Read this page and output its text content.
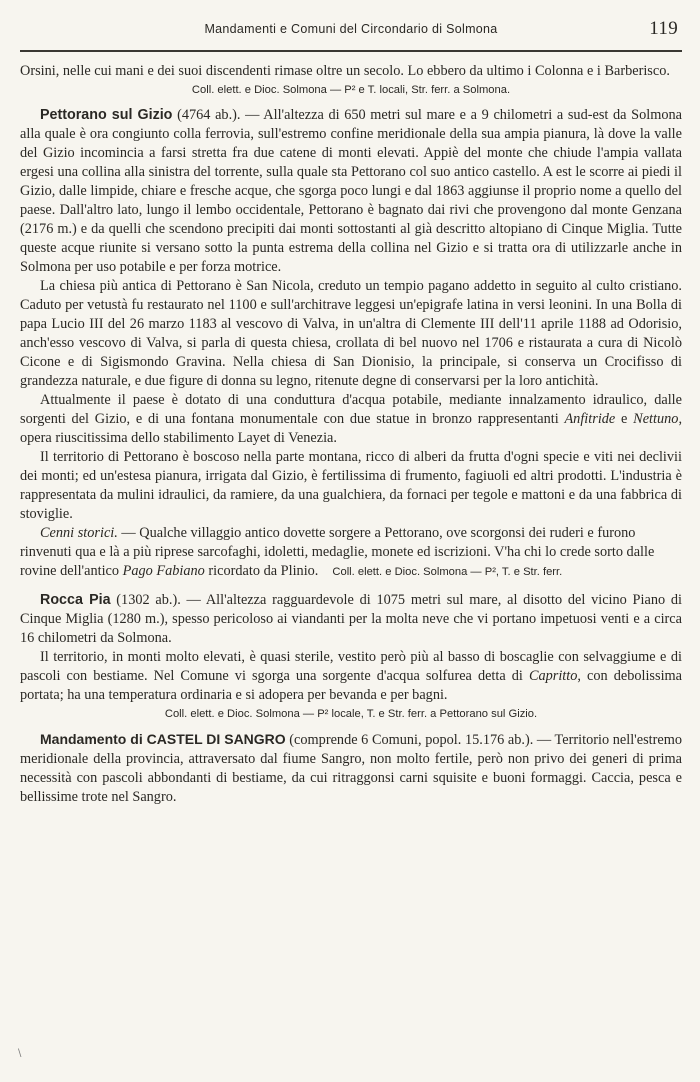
Mandamenti e Comuni del Circondario di Solmona	119

Orsini, nelle cui mani e dei suoi discendenti rimase oltre un secolo. Lo ebbero da ultimo i Colonna e i Barberisco.

Coll. elett. e Dioc. Solmona — P² e T. locali, Str. ferr. a Solmona.

Pettorano sul Gizio (4764 ab.). — All'altezza di 650 metri sul mare e a 9 chilometri a sud-est da Solmona alla quale è ora congiunto colla ferrovia, sull'estremo confine meridionale della sua ampia pianura, là dove la valle del Gizio incomincia a farsi stretta fra due catene di monti elevati. Appiè del monte che chiude l'ampia vallata ergesi una collina alla sinistra del torrente, sulla quale sta Pettorano col suo antico castello. A est le scorre ai piedi il Gizio, dalle limpide, chiare e fresche acque, che sgorga poco lungi e dal 1863 aggiunse il proprio nome a quello del paese. Dall'altro lato, lungo il lembo occidentale, Pettorano è bagnato dai rivi che provengono dal monte Genzana (2176 m.) e da quelli che scendono precipiti dai monti sottostanti al già descritto altopiano di Cinque Miglia. Tutte queste acque riunite si versano sotto la punta estrema della collina nel Gizio e si tratta ora di utilizzarle anche in Solmona per uso potabile e per forza motrice.

La chiesa più antica di Pettorano è San Nicola, creduto un tempio pagano addetto in seguito al culto cristiano. Caduto per vetustà fu restaurato nel 1100 e sull'architrave leggesi un'epigrafe latina in versi leonini. In una Bolla di papa Lucio III del 26 marzo 1183 al vescovo di Valva, in un'altra di Clemente III dell'11 aprile 1188 ad Odorisio, anch'esso vescovo di Valva, si parla di questa chiesa, crollata di bel nuovo nel 1706 e ristaurata a cura di Nicolò Cicone e di Sigismondo Gravina. Nella chiesa di San Dionisio, la principale, si conserva un Crocifisso di grandezza naturale, e due figure di donna su legno, ritenute degne di conservarsi per la loro antichità.

Attualmente il paese è dotato di una conduttura d'acqua potabile, mediante innalzamento idraulico, dalle sorgenti del Gizio, e di una fontana monumentale con due statue in bronzo rappresentanti Anfitride e Nettuno, opera riuscitissima dello stabilimento Layet di Venezia.

Il territorio di Pettorano è boscoso nella parte montana, ricco di alberi da frutta d'ogni specie e viti nei declivii dei monti; ed un'estesa pianura, irrigata dal Gizio, è fertilissima di frumento, fagiuoli ed altri prodotti. L'industria è rappresentata da mulini idraulici, da ramiere, da una gualchiera, da fornaci per tegole e mattoni e da una fabbrica di stoviglie.

Cenni storici. — Qualche villaggio antico dovette sorgere a Pettorano, ove scorgonsi dei ruderi e furono rinvenuti qua e là a più riprese sarcofaghi, idoletti, medaglie, monete ed iscrizioni. V'ha chi lo crede sorto dalle rovine dell'antico Pago Fabiano ricordato da Plinio. Coll. elett. e Dioc. Solmona — P², T. e Str. ferr.

Rocca Pia (1302 ab.). — All'altezza ragguardevole di 1075 metri sul mare, al disotto del vicino Piano di Cinque Miglia (1280 m.), spesso pericoloso ai viandanti per la molta neve che vi portano impetuosi venti e a circa 16 chilometri da Solmona.

Il territorio, in monti molto elevati, è quasi sterile, vestito però più al basso di boscaglie con selvaggiume e di pascoli con bestiame. Nel Comune vi sgorga una sorgente d'acqua solfurea detta di Capritto, con debolissima portata; ha una temperatura ordinaria e si adopera per bevanda e per bagni.

Coll. elett. e Dioc. Solmona — P² locale, T. e Str. ferr. a Pettorano sul Gizio.

Mandamento di CASTEL DI SANGRO (comprende 6 Comuni, popol. 15.176 ab.). — Territorio nell'estremo meridionale della provincia, attraversato dal fiume Sangro, non molto fertile, però non privo dei generi di prima necessità con pascoli abbondanti di bestiame, da cui ritraggonsi carni squisite e buoni formaggi. Caccia, pesca e bellissime trote nel Sangro.

\
